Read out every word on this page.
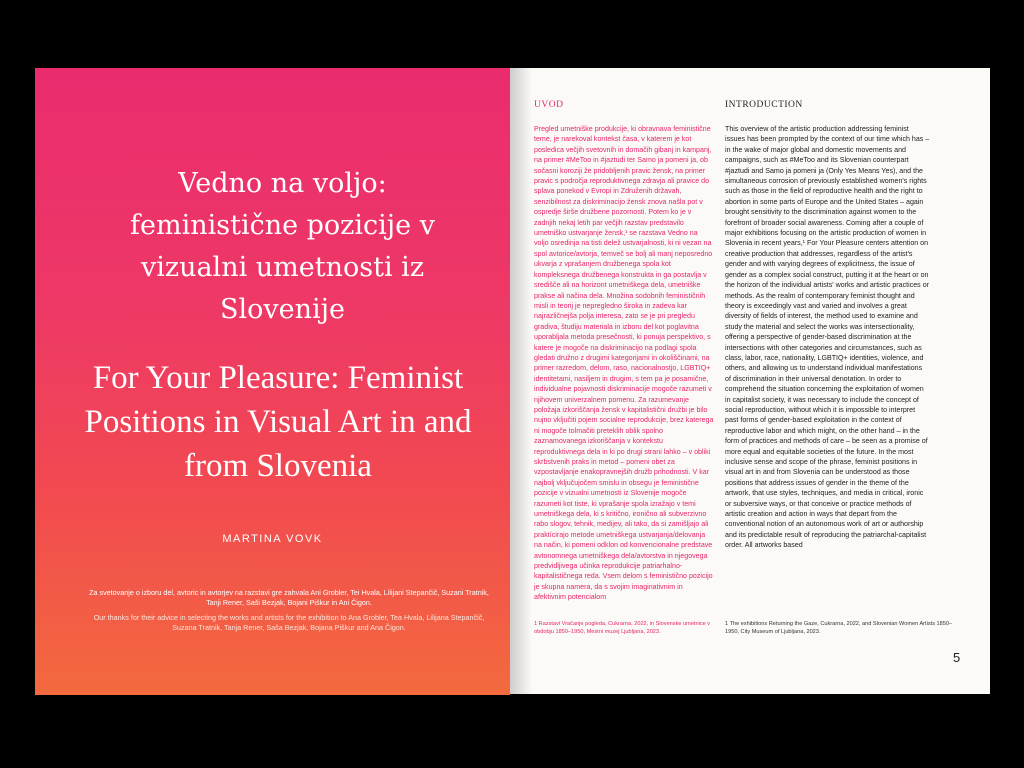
Vedno na voljo:
feministične pozicije v
vizualni umetnosti iz
Slovenije
For Your Pleasure: Feminist
Positions in Visual Art in and
from Slovenia
MARTINA VOVK

Za svetovanje o izboru del, avtoric in avtorjev na razstavi gre zahvala Ani Grobler, Tei Hvala, Lilijani Stepančič, Suzani Tratnik, Tanji Rener, Saši Bezjak, Bojani Piškur in Ani Čigon.

Our thanks for their advice in selecting the works and artists for the exhibition to Ana Grobler, Tea Hvala, Lilijana Stepančič, Suzana Tratnik, Tanja Rener, Saša Bezjak, Bojana Piškur and Ana Čigon.

UVOD	INTRODUCTION

Pregled umetniške produkcije, ki obravnava feministične teme, je narekoval kontekst časa, v katerem je kot posledica večjih svetovnih in domačih gibanj in kampanj, na primer #MeToo in #jaztudi ter Samo ja pomeni ja, ob sočasni koroziji že pridobljenih pravic žensk, na primer pravic s področja reproduktivnega zdravja ali pravice do splava ponekod v Evropi in Združenih državah, senzibilnost za diskriminacijo žensk znova našla pot v ospredje širše družbene pozornosti. Potem ko je v zadnjih nekaj letih par večjih razstav predstavilo umetniško ustvarjanje žensk,¹ se razstava Vedno na voljo osredinja na tisti delež ustvarjalnosti, ki ni vezan na spol avtorice/avtorja, temveč se bolj ali manj neposredno ukvarja z vprašanjem družbenega spola kot kompleksnega družbenega konstrukta in ga postavlja v središče ali na horizont umetniškega dela, umetniške prakse ali načina dela. Množina sodobnih feminističnih misli in teorij je nepregledno široka in zadeva kar najrazličnejša polja interesa, zato se je pri pregledu gradiva, študiju materiala in izboru del kot poglavitna uporabljala metoda presečnosti, ki ponuja perspektivo, s katere je mogoče na diskriminacijo na podlagi spola gledati družno z drugimi kategorijami in okoliščinami, na primer razredom, delom, raso, nacionalnostjo, LGBTIQ+ identitetami, nasiljem in drugim, s tem pa je posamične, individualne pojavnosti diskriminacije mogoče razumeti v njihovem univerzalnem pomenu. Za razumevanje položaja izkoriščanja žensk v kapitalistični družbi je bilo nujno vključiti pojem socialne reprodukcije, brez katerega ni mogoče tolmačiti preteklih oblik spolno zaznamovanega izkoriščanja v kontekstu reproduktivnega dela in ki po drugi strani lahko – v obliki skrbstvenih praks in metod – pomeni obet za vzpostavljanje enakopravnejših družb prihodnosti. V kar najbolj vključujočem smislu in obsegu je feministične pozicije v vizualni umetnosti iz Slovenije mogoče razumeti kot tiste, ki vprašanje spola izražajo v temi umetniškega dela, ki s kritično, ironično ali subverzivno rabo slogov, tehnik, medijev, ali tako, da si zamišljajo ali praktícirajo metode umetniškega ustvarjanja/delovanja na način, ki pomeni odklon od konvencionalne predstave avtonomnega umetniškega dela/avtorstva in njegovega predvidljivega učinka reprodukcije patriarhalno-kapitalističnega reda. Vsem delom s feministično pozicijo je skupna namera, da s svojim imaginativnim in afektivnim potencialom

This overview of the artistic production addressing feminist issues has been prompted by the context of our time which has – in the wake of major global and domestic movements and campaigns, such as #MeToo and its Slovenian counterpart #jaztudi and Samo ja pomeni ja (Only Yes Means Yes), and the simultaneous corrosion of previously established women's rights such as those in the field of reproductive health and the right to abortion in some parts of Europe and the United States – again brought sensitivity to the discrimination against women to the forefront of broader social awareness. Coming after a couple of major exhibitions focusing on the artistic production of women in Slovenia in recent years,¹ For Your Pleasure centers attention on creative production that addresses, regardless of the artist's gender and with varying degrees of explicitness, the issue of gender as a complex social construct, putting it at the heart or on the horizon of the individual artists' works and artistic practices or methods. As the realm of contemporary feminist thought and theory is exceedingly vast and varied and involves a great diversity of fields of interest, the method used to examine and study the material and select the works was intersectionality, offering a perspective of gender-based discrimination at the intersections with other categories and circumstances, such as class, labor, race, nationality, LGBTIQ+ identities, violence, and others, and allowing us to understand individual manifestations of discrimination in their universal denotation. In order to comprehend the situation concerning the exploitation of women in capitalist society, it was necessary to include the concept of social reproduction, without which it is impossible to interpret past forms of gender-based exploitation in the context of reproductive labor and which might, on the other hand – in the form of practices and methods of care – be seen as a promise of more equal and equitable societies of the future. In the most inclusive sense and scope of the phrase, feminist positions in visual art in and from Slovenia can be understood as those positions that address issues of gender in the theme of the artwork, that use styles, techniques, and media in critical, ironic or subversive ways, or that conceive or practice methods of artistic creation and action in ways that depart from the conventional notion of an autonomous work of art or authorship and its predictable result of reproducing the patriarchal-capitalist order. All artworks based

1 Razstavi Vračanje pogleda, Cukrarna, 2022, in Slovenske umetnice v obdobju 1850–1950, Mestni muzej Ljubljana, 2023.

1 The exhibitions Returning the Gaze, Cukrarna, 2022, and Slovenian Women Artists 1850–1950, City Museum of Ljubljana, 2023.

5
